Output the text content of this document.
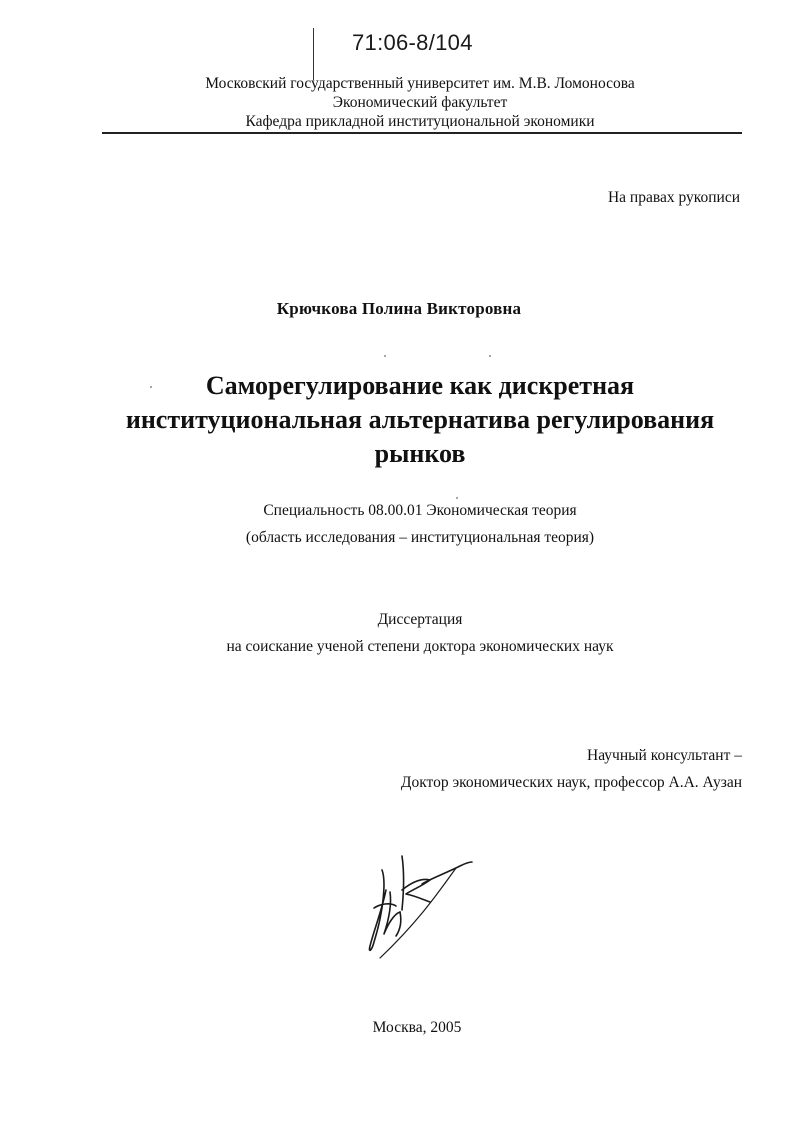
71:06-8/104
Московский государственный университет им. М.В. Ломоносова
Экономический факультет
Кафедра прикладной институциональной экономики
На правах рукописи
Крючкова Полина Викторовна
Саморегулирование как дискретная
институциональная альтернатива регулирования
рынков
Специальность 08.00.01 Экономическая теория
(область исследования – институциональная теория)
Диссертация
на соискание ученой степени доктора экономических наук
Научный консультант –
Доктор экономических наук, профессор А.А. Аузан
Москва, 2005
